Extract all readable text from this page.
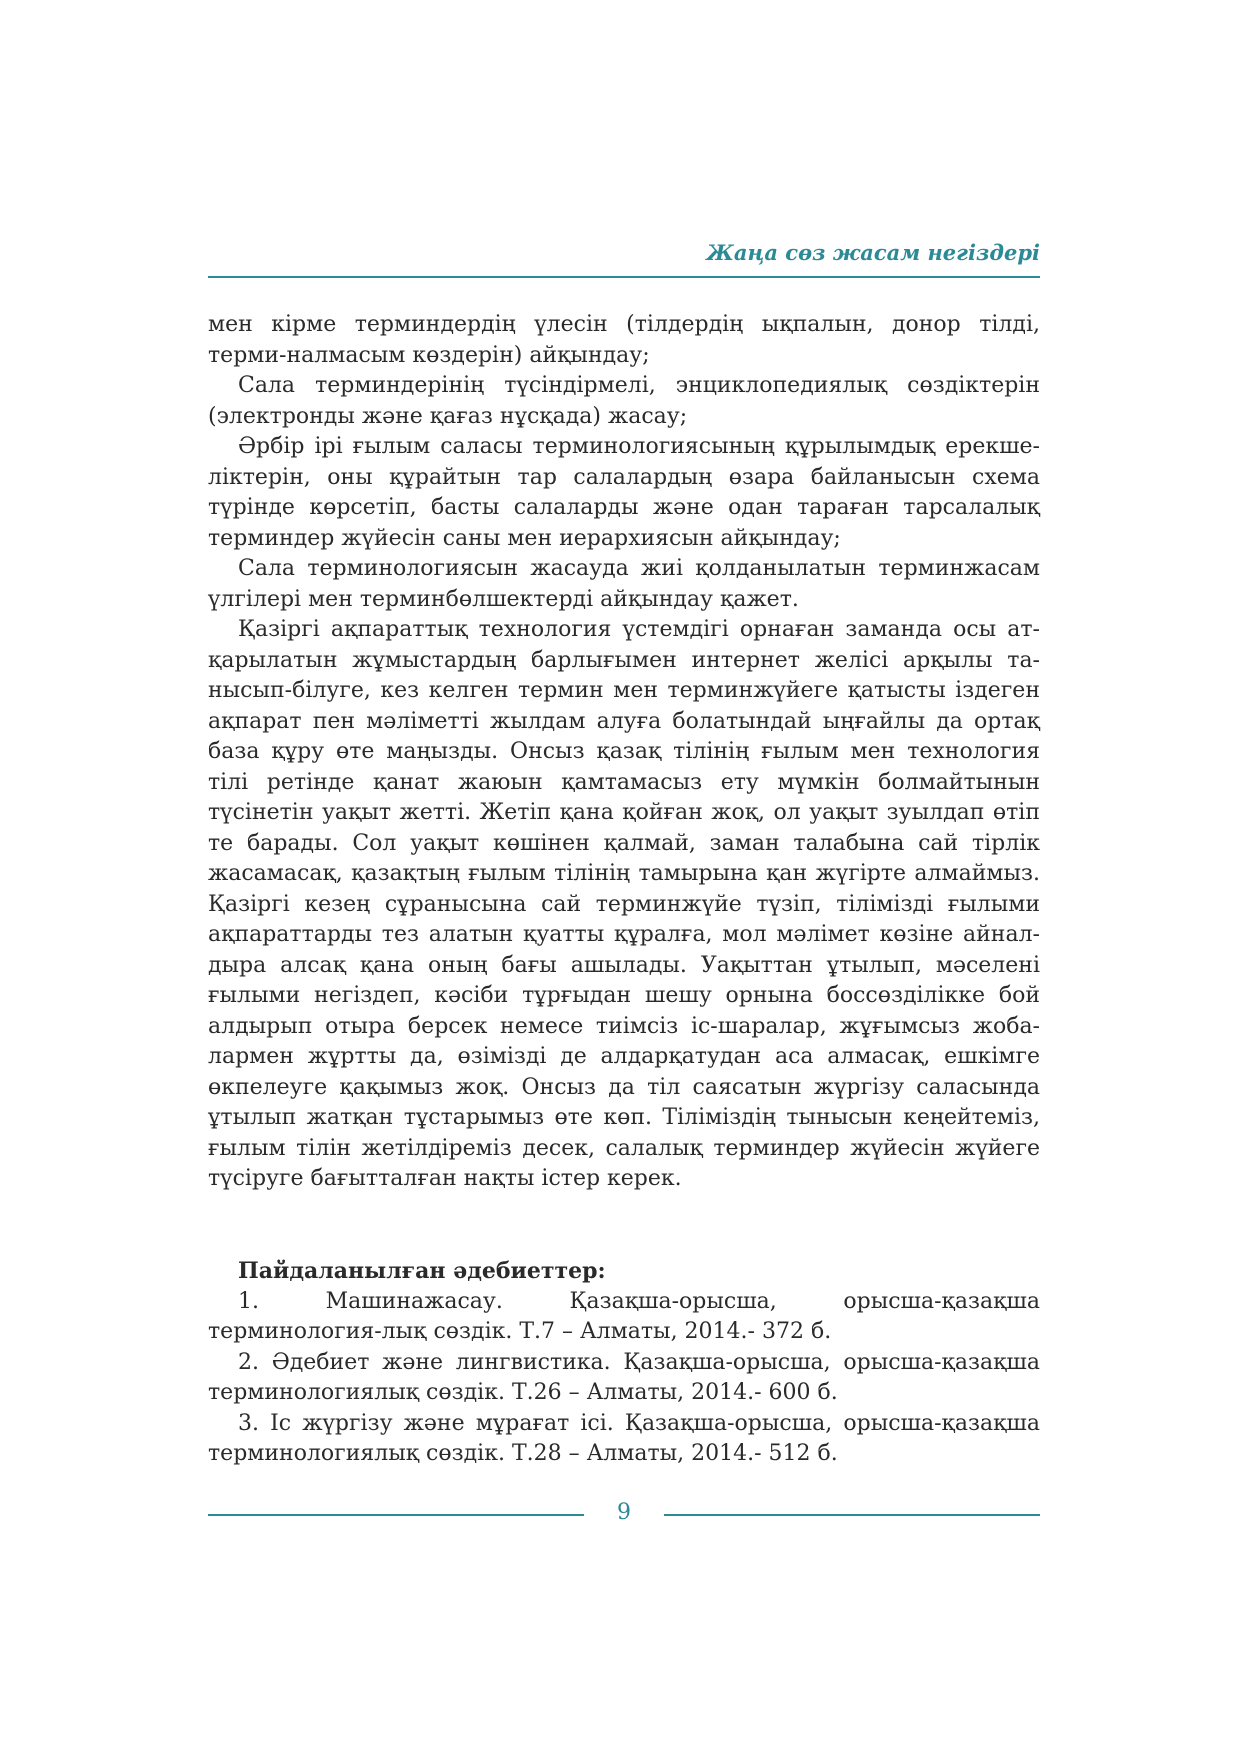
Жаңа сөз жасам негіздері

мен кірме терминдердің үлесін (тілдердің ықпалын, донор тілді, терми-налмасым көздерін) айқындау;

Сала терминдерінің түсіндірмелі, энциклопедиялық сөздіктерін (электронды және қағаз нұсқада) жасау;

Әрбір ірі ғылым саласы терминологиясының құрылымдық ерекше-ліктерін, оны құрайтын тар салалардың өзара байланысын схема түрінде көрсетіп, басты салаларды және одан тараған тарсалалық терминдер жүйесін саны мен иерархиясын айқындау;

Сала терминологиясын жасауда жиі қолданылатын терминжасам үлгілері мен терминбөлшектерді айқындау қажет.

Қазіргі ақпараттық технология үстемдігі орнаған заманда осы ат-қарылатын жұмыстардың барлығымен интернет желісі арқылы та-нысып-білуге, кез келген термин мен терминжүйеге қатысты іздеген ақпарат пен мәліметті жылдам алуға болатындай ыңғайлы да ортақ база құру өте маңызды. Онсыз қазақ тілінің ғылым мен технология тілі ретінде қанат жаюын қамтамасыз ету мүмкін болмайтынын түсінетін уақыт жетті. Жетіп қана қойған жоқ, ол уақыт зуылдап өтіп те барады. Сол уақыт көшінен қалмай, заман талабына сай тірлік жасамасақ, қазақтың ғылым тілінің тамырына қан жүгірте алмаймыз. Қазіргі кезең сұранысына сай терминжүйе түзіп, тілімізді ғылыми ақпараттарды тез алатын қуатты құралға, мол мәлімет көзіне айнал-дыра алсақ қана оның бағы ашылады. Уақыттан ұтылып, мәселені ғылыми негіздеп, кәсіби тұрғыдан шешу орнына боссөзділікке бой алдырып отыра берсек немесе тиімсіз іс-шаралар, жұғымсыз жоба-лармен жұртты да, өзімізді де алдарқатудан аса алмасақ, ешкімге өкпелеуге қақымыз жоқ. Онсыз да тіл саясатын жүргізу саласында ұтылып жатқан тұстарымыз өте көп. Тіліміздің тынысын кеңейтеміз, ғылым тілін жетілдіреміз десек, салалық терминдер жүйесін жүйеге түсіруге бағытталған нақты істер керек.

Пайдаланылған әдебиеттер:

1. Машинажасау. Қазақша-орысша, орысша-қазақша терминология-лық сөздік. Т.7 – Алматы, 2014.- 372 б.

2. Әдебиет және лингвистика. Қазақша-орысша, орысша-қазақша терминологиялық сөздік. Т.26 – Алматы, 2014.- 600 б.

3. Іс жүргізу және мұрағат ісі. Қазақша-орысша, орысша-қазақша терминологиялық сөздік. Т.28 – Алматы, 2014.- 512 б.

9
